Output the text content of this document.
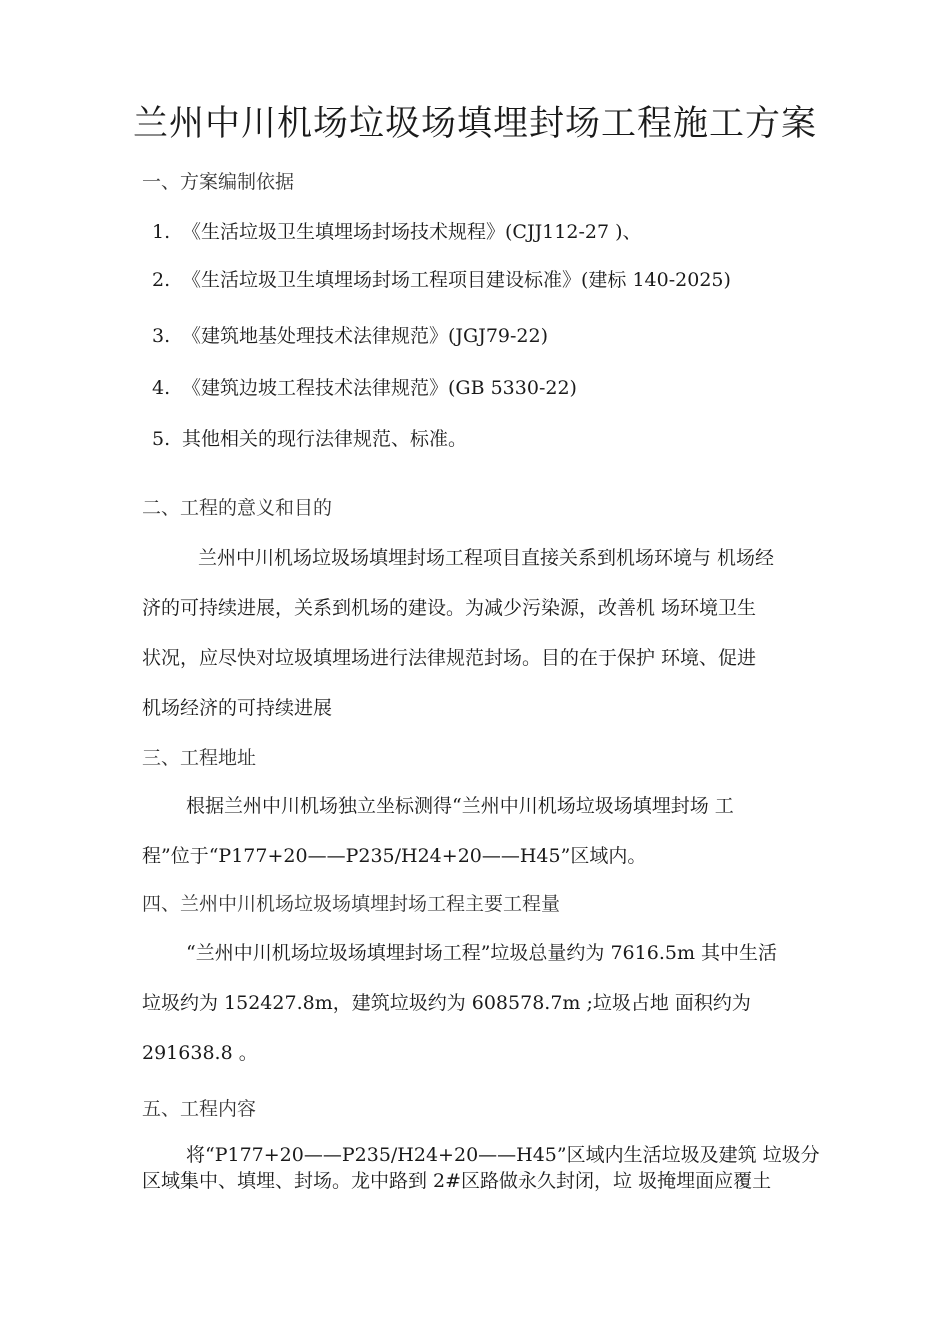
兰州中川机场垃圾场填埋封场工程施工方案
一、方案编制依据
1. 《生活垃圾卫生填埋场封场技术规程》(CJJ112-27 )、
2. 《生活垃圾卫生填埋场封场工程项目建设标准》(建标 140-2025)
3. 《建筑地基处理技术法律规范》(JGJ79-22)
4. 《建筑边坡工程技术法律规范》(GB 5330-22)
5. 其他相关的现行法律规范、标准。
二、工程的意义和目的
兰州中川机场垃圾场填埋封场工程项目直接关系到机场环境与 机场经
济的可持续进展，关系到机场的建设。为减少污染源，改善机 场环境卫生
状况，应尽快对垃圾填埋场进行法律规范封场。目的在于保护 环境、促进
机场经济的可持续进展
三、工程地址
根据兰州中川机场独立坐标测得“兰州中川机场垃圾场填埋封场 工
程”位于“P177+20——P235/H24+20——H45”区域内。
四、兰州中川机场垃圾场填埋封场工程主要工程量
“兰州中川机场垃圾场填埋封场工程”垃圾总量约为 7616.5m 其中生活
垃圾约为 152427.8m，建筑垃圾约为 608578.7m ;垃圾占地 面积约为
291638.8 。
五、工程内容
将“P177+20——P235/H24+20——H45”区域内生活垃圾及建筑 垃圾分
区域集中、填埋、封场。龙中路到 2#区路做永久封闭，垃 圾掩埋面应覆土
